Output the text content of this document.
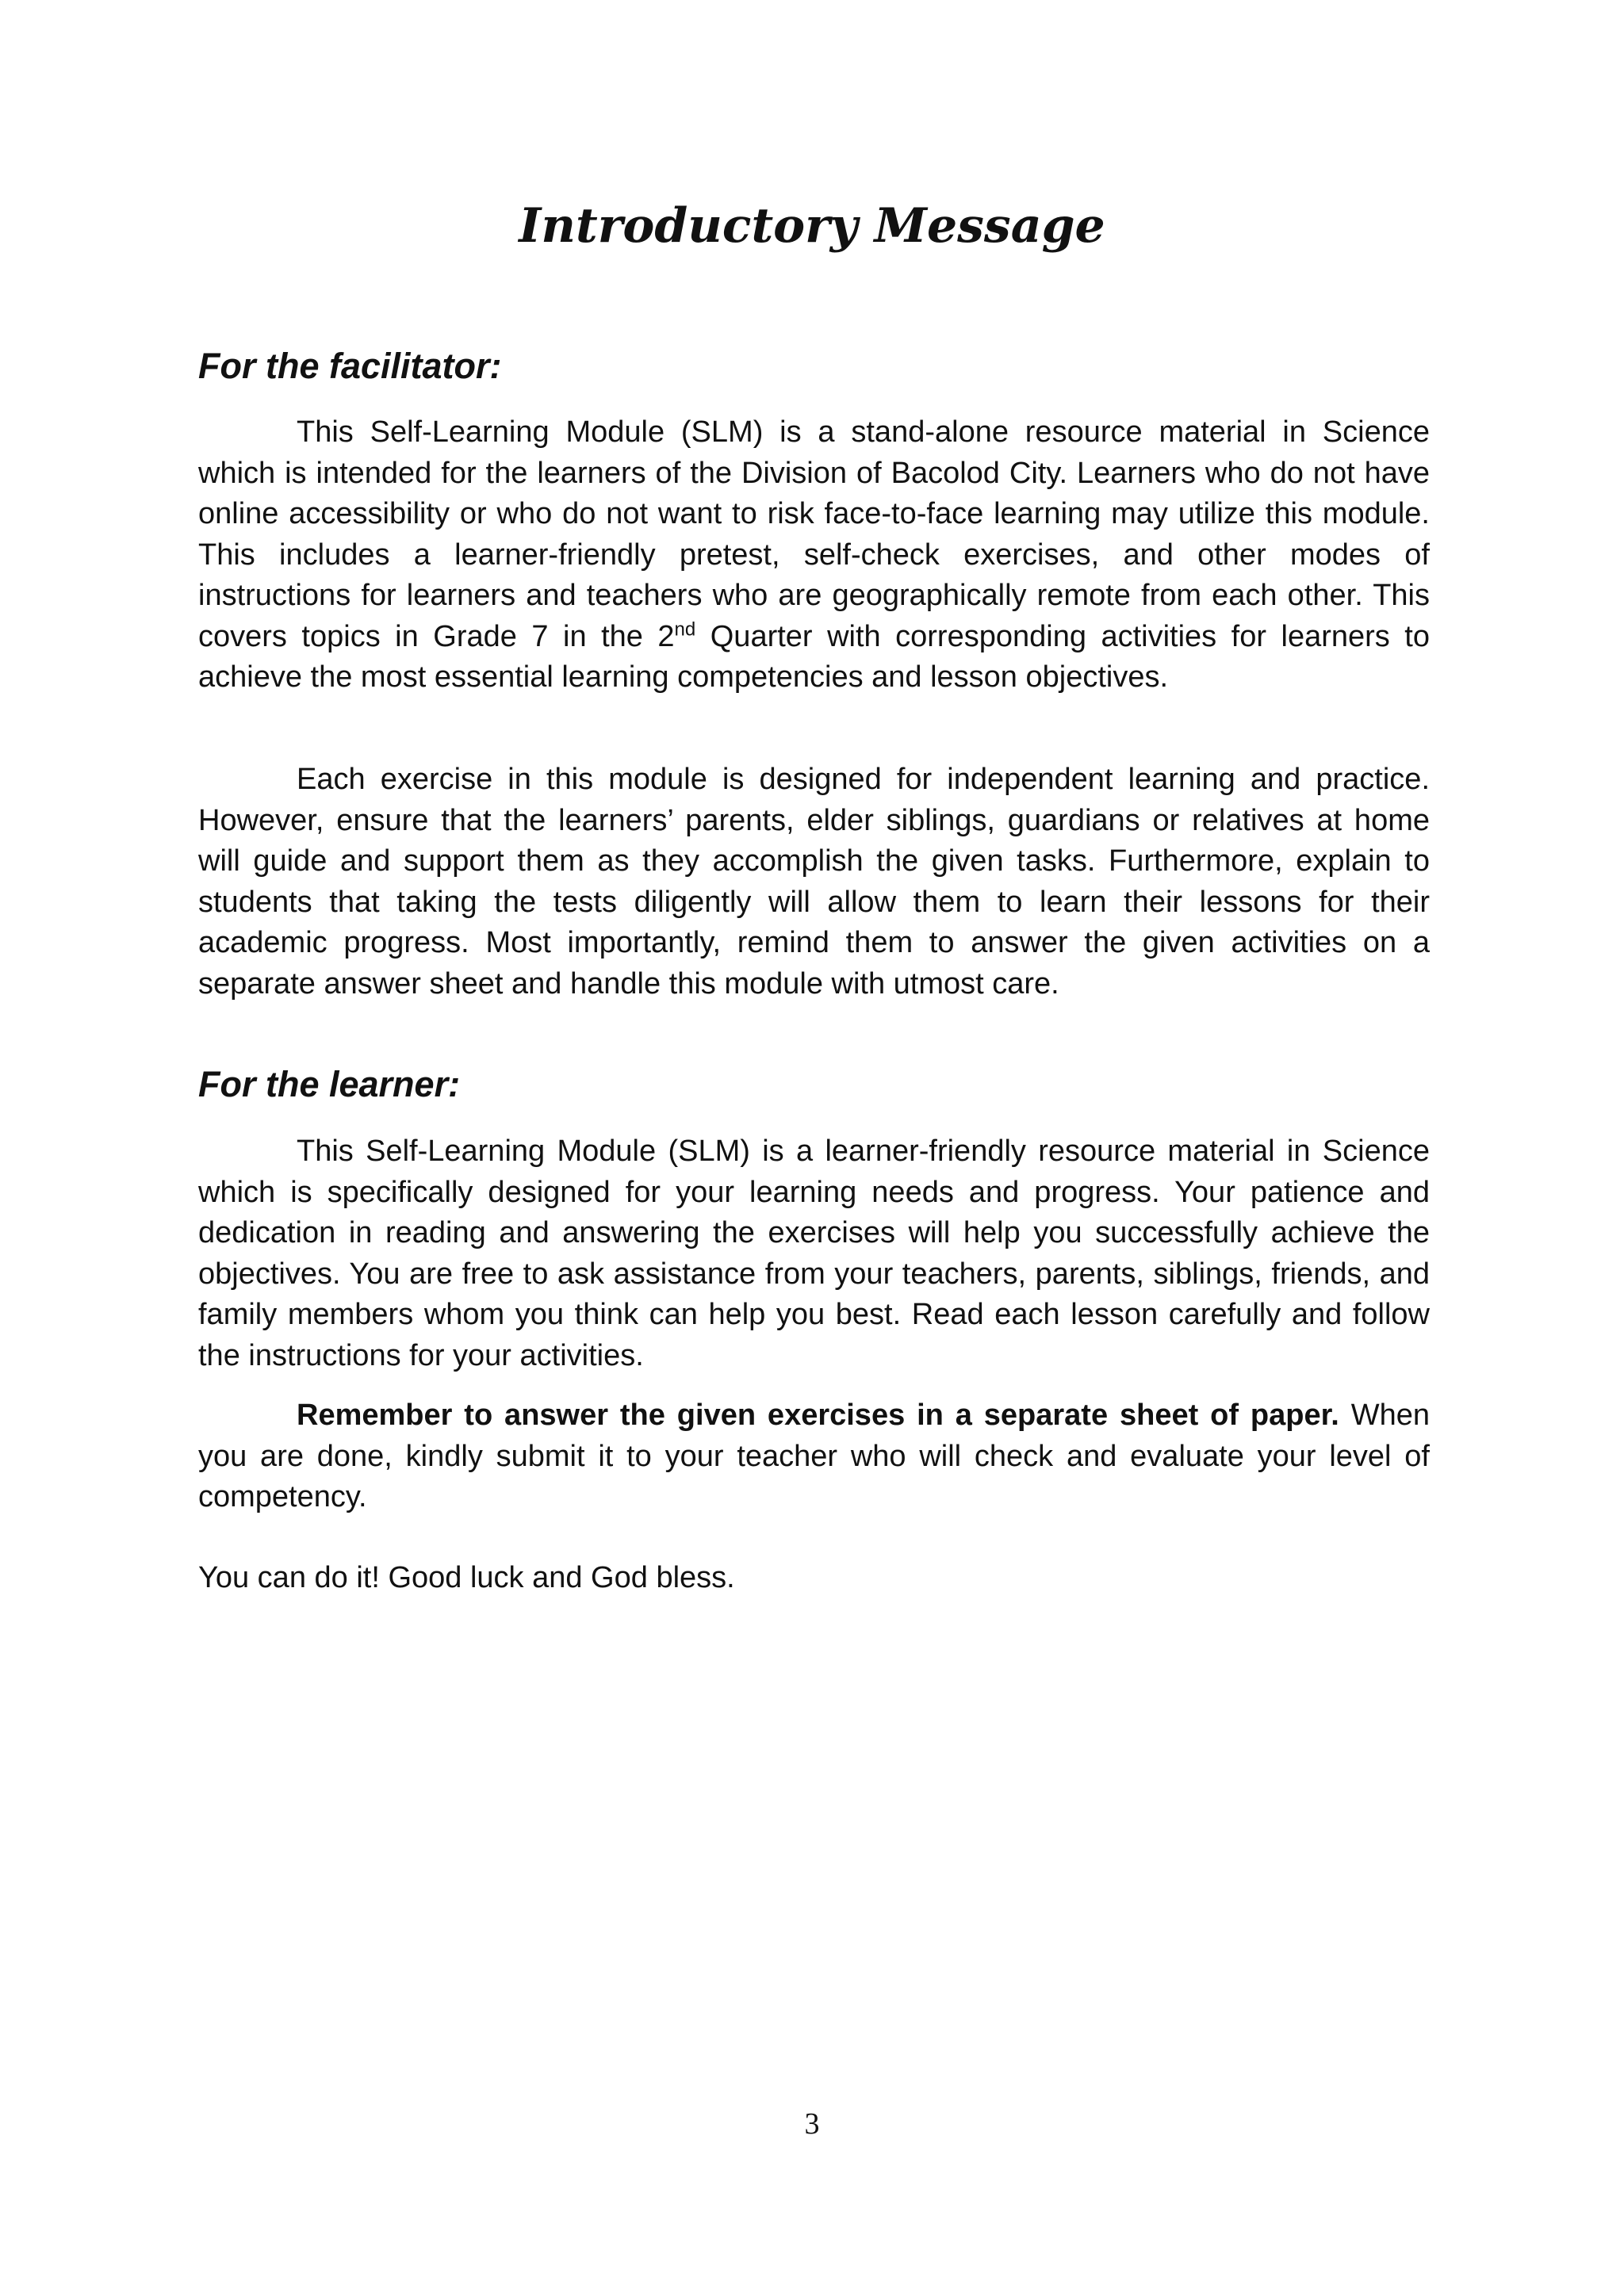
Introductory Message
For the facilitator:

This Self-Learning Module (SLM) is a stand-alone resource material in Science which is intended for the learners of the Division of Bacolod City. Learners who do not have online accessibility or who do not want to risk face-to-face learning may utilize this module. This includes a learner-friendly pretest, self-check exercises, and other modes of instructions for learners and teachers who are geographically remote from each other. This covers topics in Grade 7 in the 2nd Quarter with corresponding activities for learners to achieve the most essential learning competencies and lesson objectives.

Each exercise in this module is designed for independent learning and practice. However, ensure that the learners’ parents, elder siblings, guardians or relatives at home will guide and support them as they accomplish the given tasks. Furthermore, explain to students that taking the tests diligently will allow them to learn their lessons for their academic progress. Most importantly, remind them to answer the given activities on a separate answer sheet and handle this module with utmost care.

For the learner:

This Self-Learning Module (SLM) is a learner-friendly resource material in Science which is specifically designed for your learning needs and progress. Your patience and dedication in reading and answering the exercises will help you successfully achieve the objectives. You are free to ask assistance from your teachers, parents, siblings, friends, and family members whom you think can help you best. Read each lesson carefully and follow the instructions for your activities.

Remember to answer the given exercises in a separate sheet of paper. When you are done, kindly submit it to your teacher who will check and evaluate your level of competency.

You can do it! Good luck and God bless.

3
